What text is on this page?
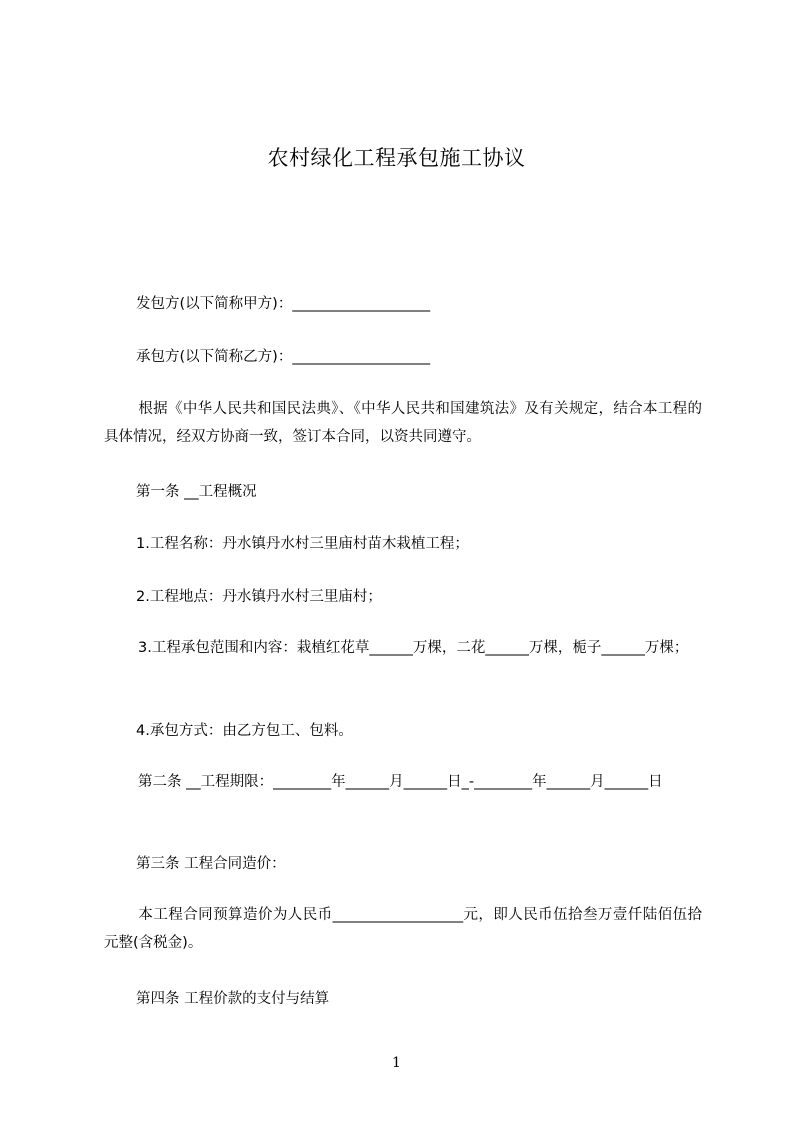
农村绿化工程承包施工协议
发包方(以下简称甲方)：___________________
承包方(以下简称乙方)：___________________
根据《中华人民共和国民法典》、《中华人民共和国建筑法》及有关规定，结合本工程的具体情况，经双方协商一致，签订本合同，以资共同遵守。
第一条 __工程概况
1.工程名称：丹水镇丹水村三里庙村苗木栽植工程；
2.工程地点：丹水镇丹水村三里庙村；
3.工程承包范围和内容：栽植红花草______万棵，二花______万棵，栀子______万棵；
4.承包方式：由乙方包工、包料。
第二条 __工程期限：________年______月______日_-________年______月______日
第三条 工程合同造价：
本工程合同预算造价为人民币__________________元，即人民币伍拾叁万壹仟陆佰伍拾元整(含税金)。
第四条 工程价款的支付与结算
1
